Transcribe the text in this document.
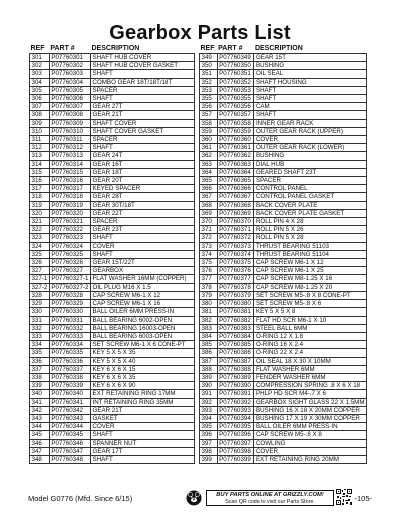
Gearbox Parts List
REF	PART #	DESCRIPTION
301	P07760301	SHAFT HUB COVER
302	P07760302	SHAFT HUB COVER GASKET
303	P07760303	SHAFT
304	P07760304	COMBO GEAR 18T/18T/18T
305	P07760305	SPACER
306	P07760306	SHAFT
307	P07760307	GEAR 27T
308	P07760308	GEAR 21T
309	P07760309	SHAFT COVER
310	P07760310	SHAFT COVER GASKET
311	P07760311	SPACER
312	P07760312	SHAFT
313	P07760313	GEAR 24T
314	P07760314	GEAR 16T
315	P07760315	GEAR 18T
316	P07760316	GEAR 20T
317	P07760317	KEYED SPACER
318	P07760318	GEAR 28T
319	P07760319	GEAR 30T/18T
320	P07760320	GEAR 22T
321	P07760321	SPACER
322	P07760322	GEAR 23T
323	P07760323	SHAFT
324	P07760324	COVER
325	P07760325	SHAFT
326	P07760326	GEAR 15T/22T
327	P07760327	GEARBOX
327-1	P07760327-1	FLAT WASHER 16MM (COPPER)
327-2	P07760327-2	OIL PLUG M16 X 1.5
328	P07760328	CAP SCREW M6-1 X 12
329	P07760329	CAP SCREW M6-1 X 16
330	P07760330	BALL OILER 6MM PRESS-IN
331	P07760331	BALL BEARING 6002-OPEN
332	P07760332	BALL BEARING 16003-OPEN
333	P07760333	BALL BEARING 6003-OPEN
334	P07760334	SET SCREW M6-1 X 6 CONE-PT
335	P07760335	KEY 5 X 5 X 35
336	P07760336	KEY 5 X 5 X 40
337	P07760337	KEY 6 X 6 X 15
338	P07760338	KEY 6 X 6 X 35
339	P07760339	KEY 6 X 6 X 90
340	P07760340	EXT RETAINING RING 17MM
341	P07760341	INT RETAINING RING 35MM
342	P07760342	GEAR 21T
343	P07760343	GASKET
344	P07760344	COVER
345	P07760345	SHAFT
346	P07760346	SPANNER NUT
347	P07760347	GEAR 17T
348	P07760348	SHAFT
REF	PART #	DESCRIPTION
349	P07760349	GEAR 15T
350	P07760350	BUSHING
351	P07760351	OIL SEAL
352	P07760352	SHAFT HOUSING
353	P07760353	SHAFT
355	P07760355	SHAFT
356	P07760356	CAM
357	P07760357	SHAFT
358	P07760358	INNER GEAR RACK
359	P07760359	OUTER GEAR RACK (UPPER)
360	P07760360	COVER
361	P07760361	OUTER GEAR RACK (LOWER)
362	P07760362	BUSHING
363	P07760363	DIAL HUB
364	P07760364	GEARED SHAFT 23T
365	P07760365	SPACER
366	P07760366	CONTROL PANEL
367	P07760367	CONTROL PANEL GASKET
368	P07760368	BACK COVER PLATE
369	P07760369	BACK COVER PLATE GASKET
370	P07760370	ROLL PIN 4 X 28
371	P07760371	ROLL PIN 5 X 26
372	P07760372	ROLL PIN 5 X 28
373	P07760373	THRUST BEARING 51103
374	P07760374	THRUST BEARING 51104
375	P07760375	CAP SCREW M6-1 X 12
376	P07760376	CAP SCREW M6-1 X 25
377	P07760377	CAP SCREW M8-1.25 X 16
378	P07760378	CAP SCREW M8-1.25 X 20
379	P07760379	SET SCREW M5-.8 X 8 CONE-PT
380	P07760380	SET SCREW M5-.8 X 6
381	P07760381	KEY 5 X 5 X 8
382	P07760382	FLAT HD SCR M6-1 X 10
383	P07760383	STEEL BALL 6MM
384	P07760384	O-RING 12 X 1.8
385	P07760385	O-RING 16 X 2.4
386	P07760386	O-RING 22 X 2.4
387	P07760387	OIL SEAL 18 X 30 X 10MM
388	P07760388	FLAT WASHER 6MM
389	P07760389	FENDER WASHER 6MM
390	P07760390	COMPRESSION SPRING .8 X 6 X 18
391	P07760391	PHLP HD SCR M4-.7 X 6
392	P07760392	GEARBOX SIGHT GLASS 22 X 1.5MM
393	P07760393	BUSHING 16 X 18 X 20MM COPPER
394	P07760394	BUSHING 17 X 19 X 30MM COPPER
395	P07760395	BALL OILER 6MM PRESS-IN
396	P07760396	CAP SCREW M5-.8 X 8
397	P07760397	COWLING
398	P07760398	COVER
399	P07760399	EXT RETAINING RING 20MM
Model G0776 (Mfd. Since 6/15)	BUY PARTS ONLINE AT GRIZZLY.COM!
Scan QR code to visit our Parts Store.	-105-
